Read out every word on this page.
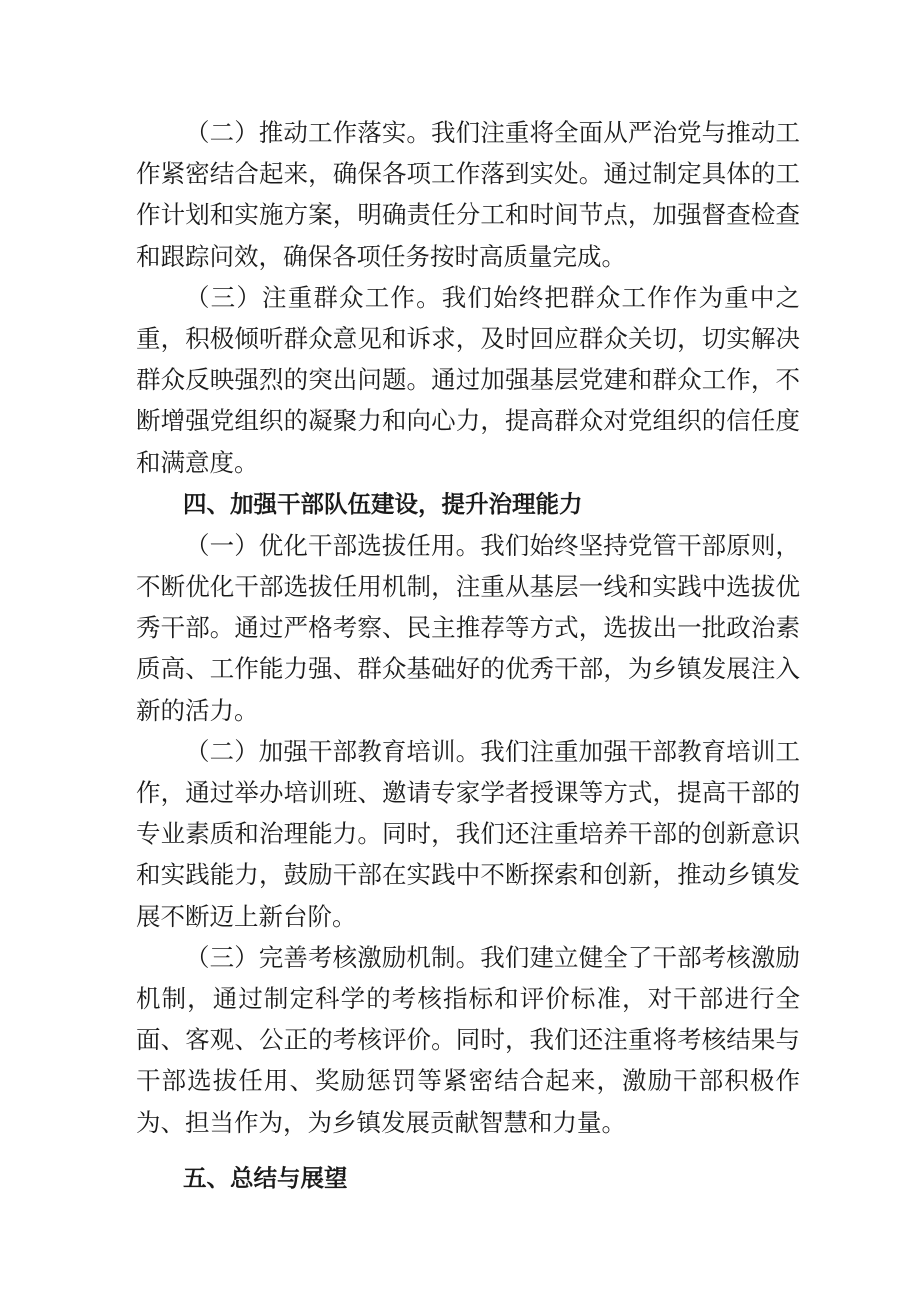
（二）推动工作落实。我们注重将全面从严治党与推动工作紧密结合起来，确保各项工作落到实处。通过制定具体的工作计划和实施方案，明确责任分工和时间节点，加强督查检查和跟踪问效，确保各项任务按时高质量完成。

（三）注重群众工作。我们始终把群众工作作为重中之重，积极倾听群众意见和诉求，及时回应群众关切，切实解决群众反映强烈的突出问题。通过加强基层党建和群众工作，不断增强党组织的凝聚力和向心力，提高群众对党组织的信任度和满意度。

四、加强干部队伍建设，提升治理能力

（一）优化干部选拔任用。我们始终坚持党管干部原则，不断优化干部选拔任用机制，注重从基层一线和实践中选拔优秀干部。通过严格考察、民主推荐等方式，选拔出一批政治素质高、工作能力强、群众基础好的优秀干部，为乡镇发展注入新的活力。

（二）加强干部教育培训。我们注重加强干部教育培训工作，通过举办培训班、邀请专家学者授课等方式，提高干部的专业素质和治理能力。同时，我们还注重培养干部的创新意识和实践能力，鼓励干部在实践中不断探索和创新，推动乡镇发展不断迈上新台阶。

（三）完善考核激励机制。我们建立健全了干部考核激励机制，通过制定科学的考核指标和评价标准，对干部进行全面、客观、公正的考核评价。同时，我们还注重将考核结果与干部选拔任用、奖励惩罚等紧密结合起来，激励干部积极作为、担当作为，为乡镇发展贡献智慧和力量。

五、总结与展望
